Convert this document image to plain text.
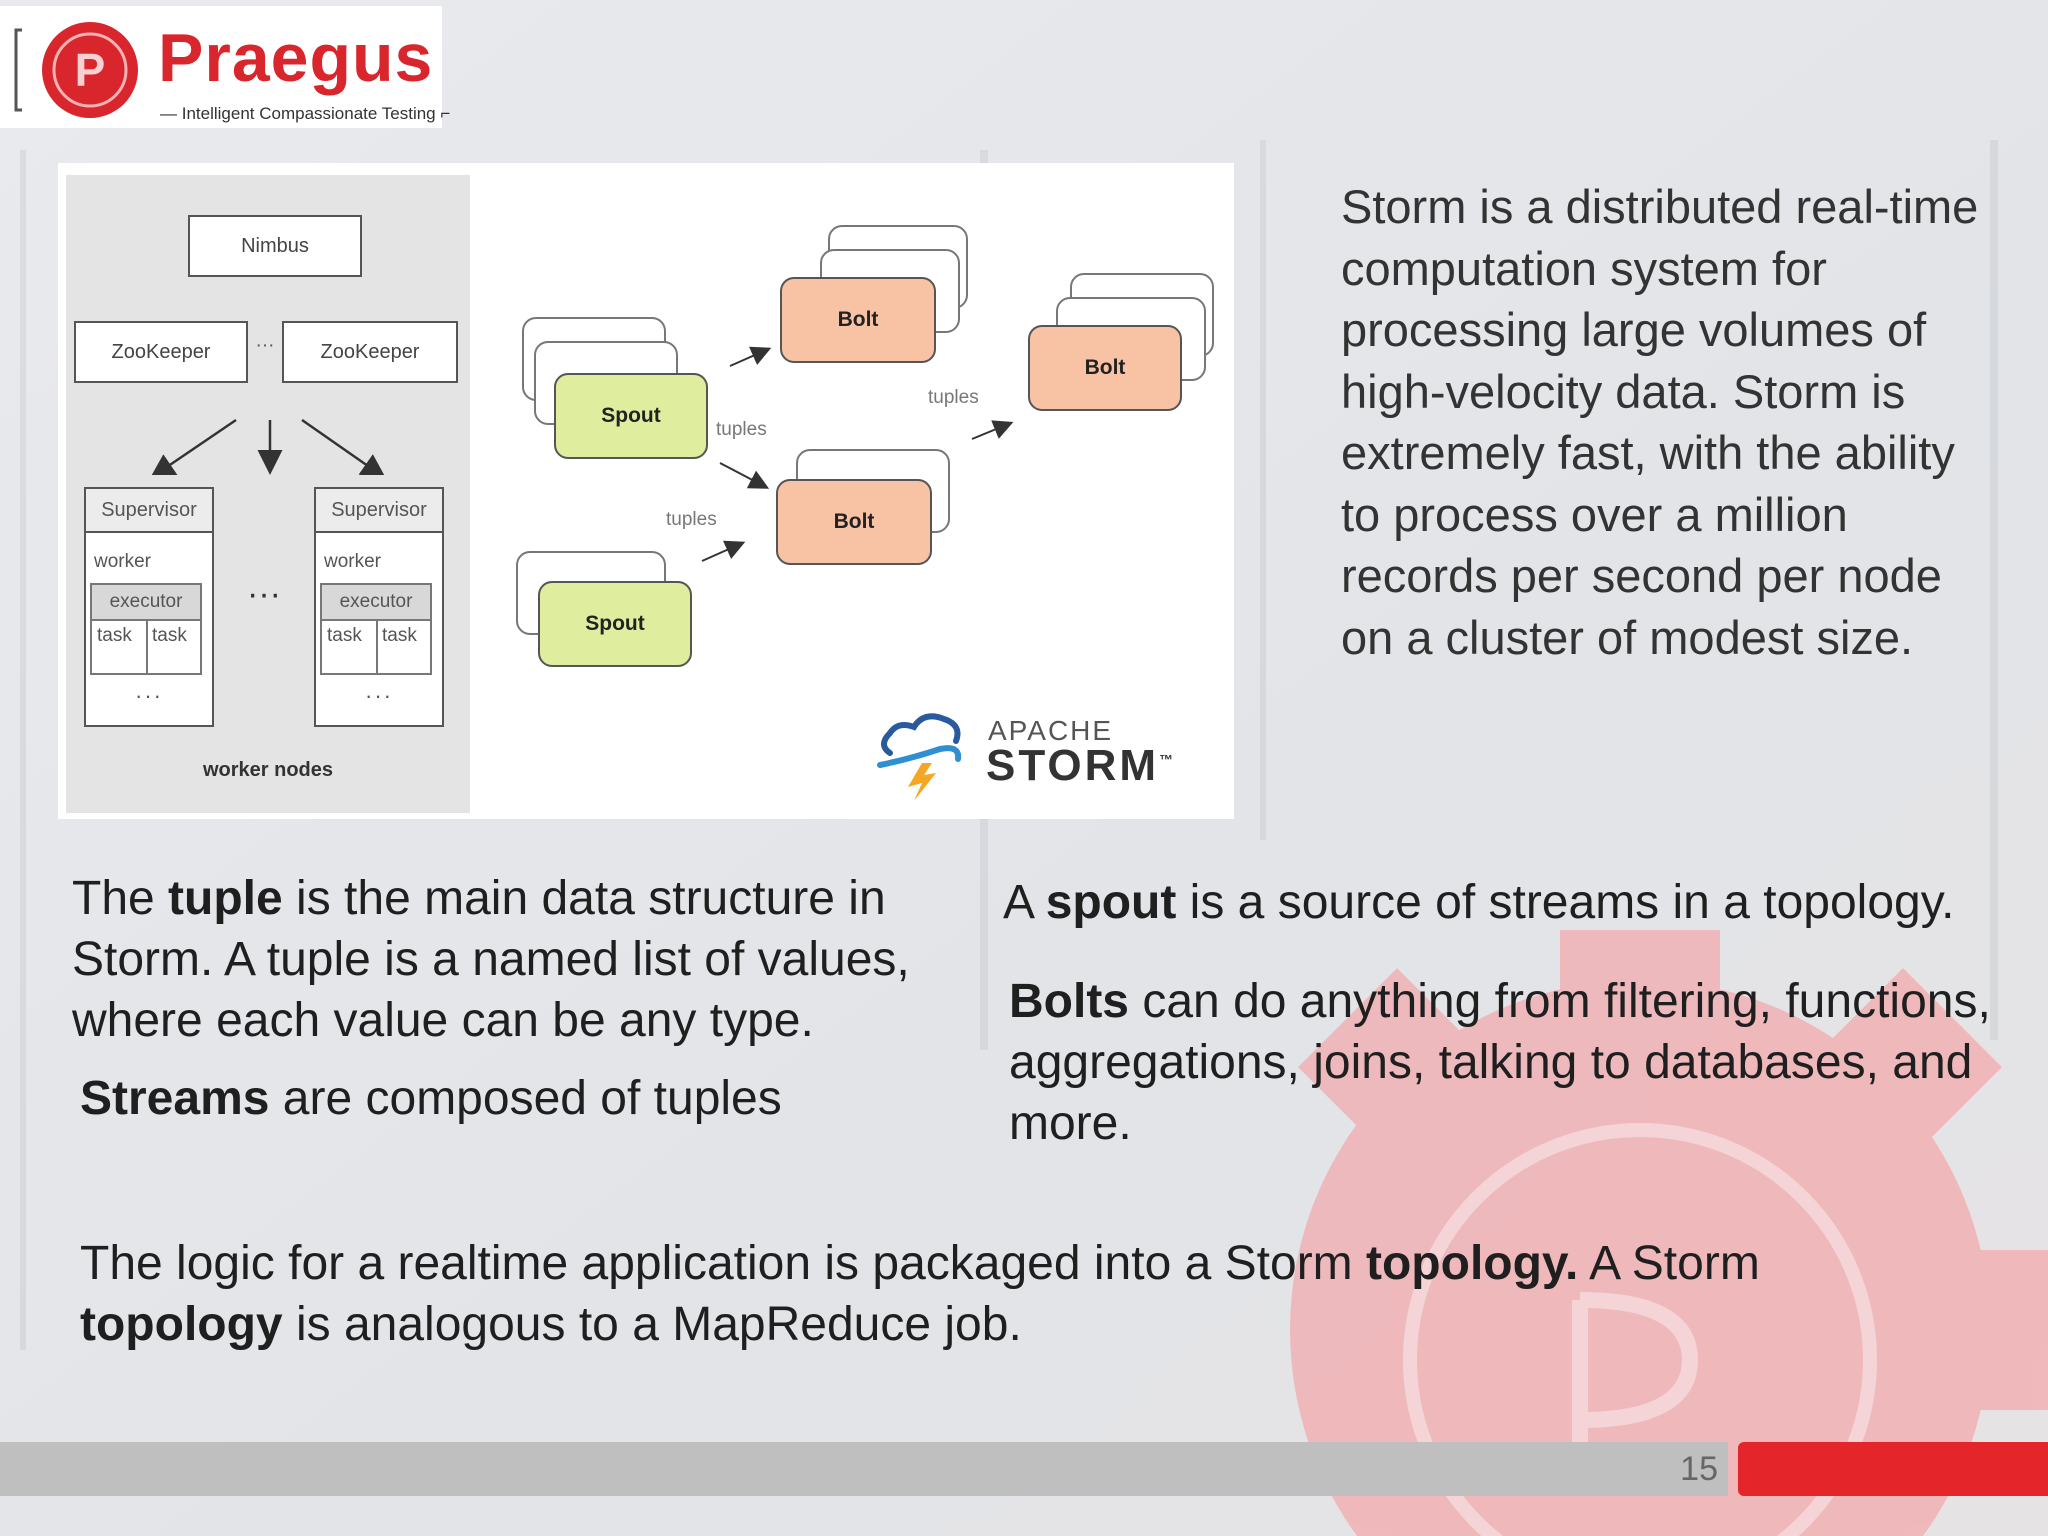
P Praegus
— Intelligent Compassionate Testing ⌐
Nimbus
ZooKeeper	···	ZooKeeper
Supervisor
worker
executor
task task
···
···
Supervisor
worker
executor
task task
···
worker nodes
Spout
Spout
Bolt
Bolt
Bolt
tuples
tuples
tuples
APACHE
STORM™
Storm is a distributed real-time computation system for processing large volumes of high-velocity data. Storm is extremely fast, with the ability to process over a million records per second per node on a cluster of modest size.
The tuple is the main data structure in Storm. A tuple is a named list of values, where each value can be any type.
Streams are composed of tuples
A spout is a source of streams in a topology.
Bolts can do anything from filtering, functions, aggregations, joins, talking to databases, and more.
The logic for a realtime application is packaged into a Storm topology. A Storm
topology is analogous to a MapReduce job.
15
